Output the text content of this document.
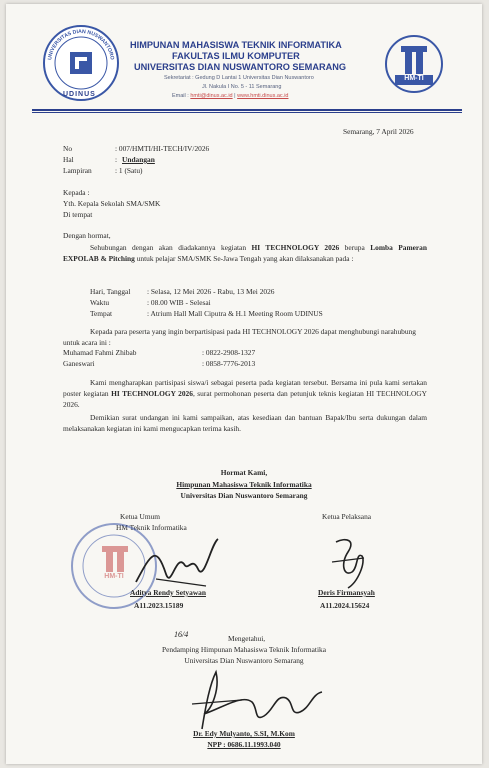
UNIVERSITAS DIAN NUSWANTORO
UDINUS
HM-TI
HIMPUNAN MAHASISWA TEKNIK INFORMATIKA
FAKULTAS ILMU KOMPUTER
UNIVERSITAS DIAN NUSWANTORO SEMARANG
Sekretariat : Gedung D Lantai 1 Universitas Dian Nuswantoro
Jl. Nakula I No. 5 - 11 Semarang
Email : hmti@dinus.ac.id | www.hmti.dinus.ac.id
Semarang, 7 April 2026
No	: 007/HMTI/HI-TECH/IV/2026
Hal	: Undangan
Lampiran	: 1 (Satu)
Kepada :
Yth. Kepala Sekolah SMA/SMK
Di tempat
Dengan hormat,
Sehubungan dengan akan diadakannya kegiatan HI TECHNOLOGY 2026 berupa Lomba Pameran EXPOLAB & Pitching untuk pelajar SMA/SMK Se-Jawa Tengah yang akan dilaksanakan pada :
Hari, Tanggal : Selasa, 12 Mei 2026 - Rabu, 13 Mei 2026
Waktu	: 08.00 WIB - Selesai
Tempat	: Atrium Hall Mall Ciputra & H.1 Meeting Room UDINUS
Kepada para peserta yang ingin berpartisipasi pada HI TECHNOLOGY 2026 dapat menghubungi narahubung untuk acara ini :
Muhamad Fahmi Zhibab	: 0822-2908-1327
Ganeswari	: 0858-7776-2013
Kami mengharapkan partisipasi siswa/i sebagai peserta pada kegiatan tersebut. Bersama ini pula kami sertakan poster kegiatan HI TECHNOLOGY 2026, surat permohonan peserta dan petunjuk teknis kegiatan HI TECHNOLOGY 2026.
Demikian surat undangan ini kami sampaikan, atas kesediaan dan bantuan Bapak/Ibu serta dukungan dalam melaksanakan kegiatan ini kami mengucapkan terima kasih.
Hormat Kami,
Himpunan Mahasiswa Teknik Informatika
Universitas Dian Nuswantoro Semarang
Ketua Umum
HM Teknik Informatika
HM-TI
Aditya Rendy Setyawan
A11.2023.15189
Ketua Pelaksana
Deris Firmansyah
A11.2024.15624
16/4	Mengetahui,
Pendamping Himpunan Mahasiswa Teknik Informatika
Universitas Dian Nuswantoro Semarang
Dr. Edy Mulyanto, S.SI, M.Kom
NPP : 0686.11.1993.040
